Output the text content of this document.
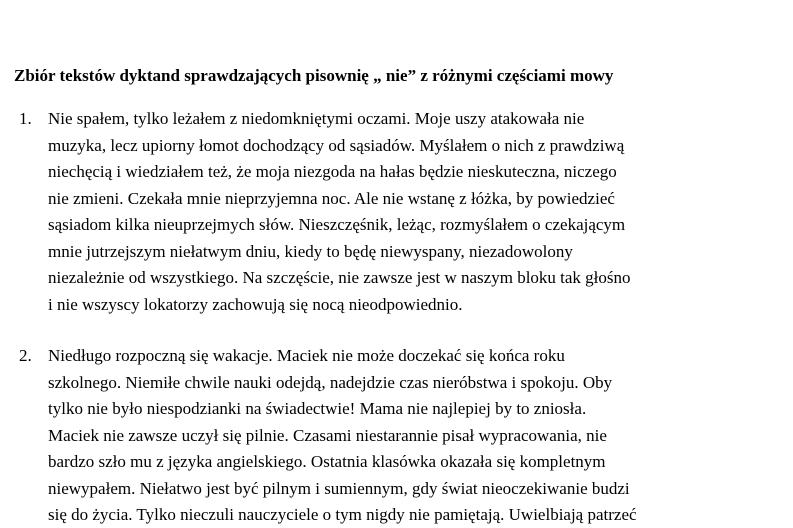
Zbiór tekstów dyktand sprawdzających pisownię „ nie” z różnymi częściami mowy
1. Nie spałem, tylko leżałem z niedomkniętymi oczami. Moje uszy atakowała nie
muzyka, lecz upiorny łomot dochodzący od sąsiadów. Myślałem o nich z prawdziwą
niechęcią i wiedziałem też, że moja niezgoda na hałas będzie nieskuteczna, niczego
nie zmieni. Czekała mnie nieprzyjemna noc. Ale nie wstanę z łóżka, by powiedzieć
sąsiadom kilka nieuprzejmych słów. Nieszczęśnik, leżąc, rozmyślałem o czekającym
mnie jutrzejszym niełatwym dniu, kiedy to będę niewyspany, niezadowolony
niezależnie od wszystkiego. Na szczęście, nie zawsze jest w naszym bloku tak głośno
i nie wszyscy lokatorzy zachowują się nocą nieodpowiednio.
2. Niedługo rozpoczną się wakacje. Maciek nie może doczekać się końca roku
szkolnego. Niemiłe chwile nauki odejdą, nadejdzie czas nieróbstwa i spokoju. Oby
tylko nie było niespodzianki na świadectwie! Mama nie najlepiej by to zniosła.
Maciek nie zawsze uczył się pilnie. Czasami niestarannie pisał wypracowania, nie
bardzo szło mu z języka angielskiego. Ostatnia klasówka okazała się kompletnym
niewypałem. Niełatwo jest być pilnym i sumiennym, gdy świat nieoczekiwanie budzi
się do życia. Tylko nieczuli nauczyciele o tym nigdy nie pamiętają. Uwielbiają patrzeć
